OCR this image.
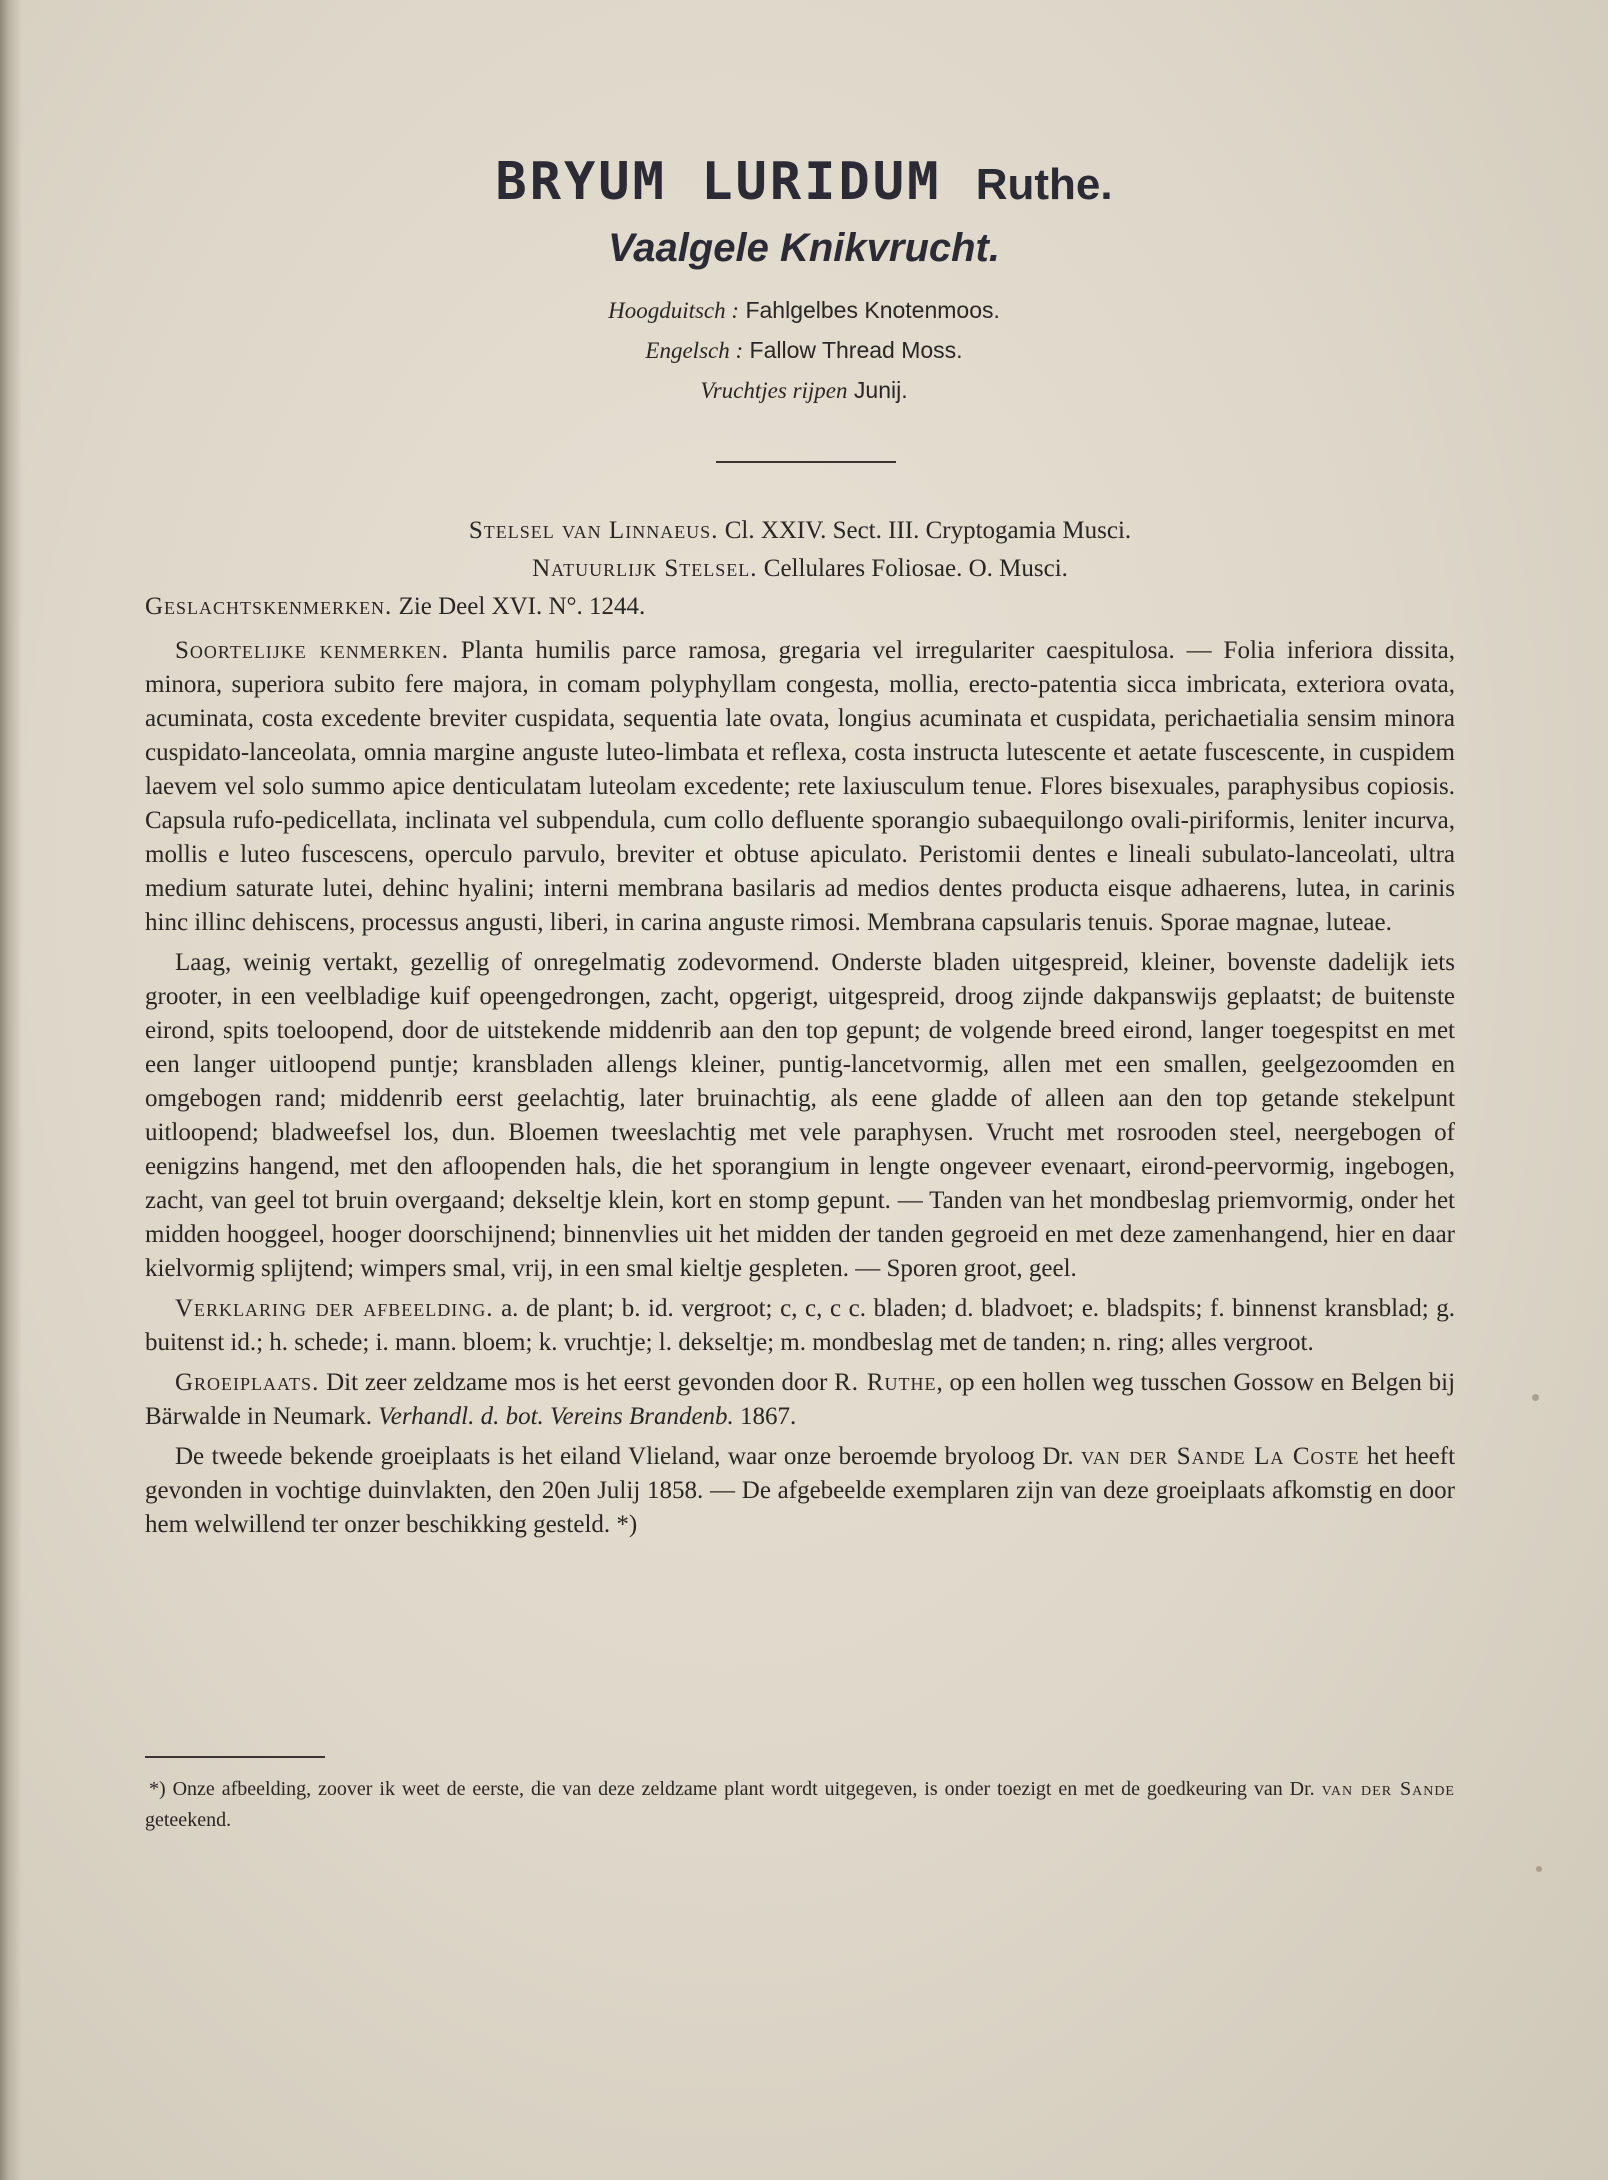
BRYUM LURIDUM Ruthe.
Vaalgele Knikvrucht.
Hoogduitsch : Fahlgelbes Knotenmoos.
Engelsch : Fallow Thread Moss.
Vruchtjes rijpen Junij.

Stelsel van Linnaeus. Cl. XXIV. Sect. III. Cryptogamia Musci.

Natuurlijk Stelsel. Cellulares Foliosae. O. Musci.

Geslachtskenmerken. Zie Deel XVI. N°. 1244.

Soortelijke kenmerken. Planta humilis parce ramosa, gregaria vel irregulariter caespitulosa. — Folia inferiora dissita, minora, superiora subito fere majora, in comam polyphyllam congesta, mollia, erecto-patentia sicca imbricata, exteriora ovata, acuminata, costa excedente breviter cuspidata, sequentia late ovata, longius acuminata et cuspidata, perichaetialia sensim minora cuspidato-lanceolata, omnia margine anguste luteo-limbata et reflexa, costa instructa lutescente et aetate fuscescente, in cuspidem laevem vel solo summo apice denticulatam luteolam excedente; rete laxiusculum tenue. Flores bisexuales, paraphysibus copiosis. Capsula rufo-pedicellata, inclinata vel subpendula, cum collo defluente sporangio subaequilongo ovali-piriformis, leniter incurva, mollis e luteo fuscescens, operculo parvulo, breviter et obtuse apiculato. Peristomii dentes e lineali subulato-lanceolati, ultra medium saturate lutei, dehinc hyalini; interni membrana basilaris ad medios dentes producta eisque adhaerens, lutea, in carinis hinc illinc dehiscens, processus angusti, liberi, in carina anguste rimosi. Membrana capsularis tenuis. Sporae magnae, luteae.

Laag, weinig vertakt, gezellig of onregelmatig zodevormend. Onderste bladen uitgespreid, kleiner, bovenste dadelijk iets grooter, in een veelbladige kuif opeengedrongen, zacht, opgerigt, uitgespreid, droog zijnde dakpanswijs geplaatst; de buitenste eirond, spits toeloopend, door de uitstekende middenrib aan den top gepunt; de volgende breed eirond, langer toegespitst en met een langer uitloopend puntje; kransbladen allengs kleiner, puntig-lancetvormig, allen met een smallen, geelgezoomden en omgebogen rand; middenrib eerst geelachtig, later bruinachtig, als eene gladde of alleen aan den top getande stekelpunt uitloopend; bladweefsel los, dun. Bloemen tweeslachtig met vele paraphysen. Vrucht met rosrooden steel, neergebogen of eenigzins hangend, met den afloopenden hals, die het sporangium in lengte ongeveer evenaart, eirond-peervormig, ingebogen, zacht, van geel tot bruin overgaand; dekseltje klein, kort en stomp gepunt. — Tanden van het mondbeslag priemvormig, onder het midden hooggeel, hooger doorschijnend; binnenvlies uit het midden der tanden gegroeid en met deze zamenhangend, hier en daar kielvormig splijtend; wimpers smal, vrij, in een smal kieltje gespleten. — Sporen groot, geel.

Verklaring der afbeelding. a. de plant; b. id. vergroot; c, c, c c. bladen; d. bladvoet; e. bladspits; f. binnenst kransblad; g. buitenst id.; h. schede; i. mann. bloem; k. vruchtje; l. dekseltje; m. mondbeslag met de tanden; n. ring; alles vergroot.

Groeiplaats. Dit zeer zeldzame mos is het eerst gevonden door R. Ruthe, op een hollen weg tusschen Gossow en Belgen bij Bärwalde in Neumark. Verhandl. d. bot. Vereins Brandenb. 1867.

De tweede bekende groeiplaats is het eiland Vlieland, waar onze beroemde bryoloog Dr. van der Sande La Coste het heeft gevonden in vochtige duinvlakten, den 20en Julij 1858. — De afgebeelde exemplaren zijn van deze groeiplaats afkomstig en door hem welwillend ter onzer beschikking gesteld. *)

*) Onze afbeelding, zoover ik weet de eerste, die van deze zeldzame plant wordt uitgegeven, is onder toezigt en met de goedkeuring van Dr. van der Sande geteekend.
